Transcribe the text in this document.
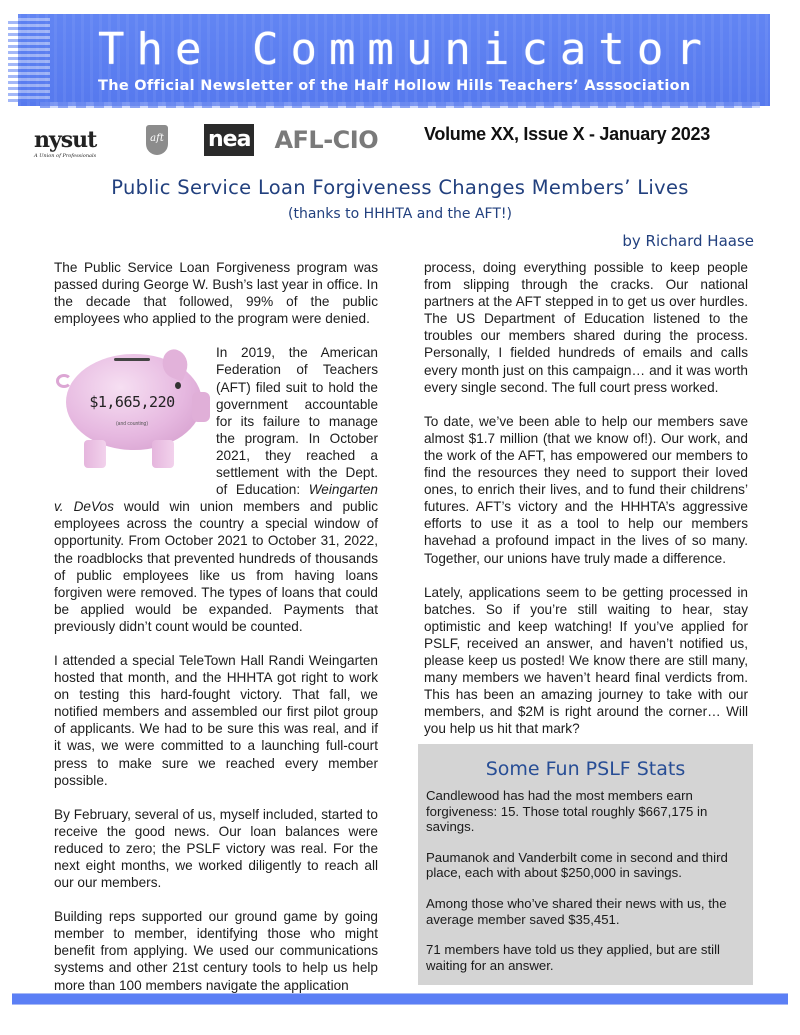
The Communicator
The Official Newsletter of the Half Hollow Hills Teachers’ Asssociation
nysut
A Union of Professionals
aft nea AFL-CIO	Volume XX, Issue X - January 2023
Public Service Loan Forgiveness Changes Members’ Lives
(thanks to HHHTA and the AFT!)
by Richard Haase

The Public Service Loan Forgiveness program was passed during George W. Bush’s last year in office. In the decade that followed, 99% of the public employees who applied to the program were denied.

$1,665,220
(and counting)
In 2019, the American Federation of Teachers (AFT) filed suit to hold the government accountable for its failure to manage the program. In October 2021, they reached a settlement with the Dept. of Education: Weingarten v. DeVos would win union members and public employees across the country a special window of opportunity. From October 2021 to October 31, 2022, the roadblocks that prevented hundreds of thousands of public employees like us from having loans forgiven were removed. The types of loans that could be applied would be expanded. Payments that previously didn’t count would be counted.

I attended a special TeleTown Hall Randi Weingarten hosted that month, and the HHHTA got right to work on testing this hard-fought victory. That fall, we notified members and assembled our first pilot group of applicants. We had to be sure this was real, and if it was, we were committed to a launching full-court press to make sure we reached every member possible.

By February, several of us, myself included, started to receive the good news. Our loan balances were reduced to zero; the PSLF victory was real. For the next eight months, we worked diligently to reach all our our members.

Building reps supported our ground game by going member to member, identifying those who might benefit from applying. We used our communications systems and other 21st century tools to help us help more than 100 members navigate the application

process, doing everything possible to keep people from slipping through the cracks. Our national partners at the AFT stepped in to get us over hurdles. The US Department of Education listened to the troubles our members shared during the process. Personally, I fielded hundreds of emails and calls every month just on this campaign… and it was worth every single second. The full court press worked.

To date, we’ve been able to help our members save almost $1.7 million (that we know of!). Our work, and the work of the AFT, has empowered our members to find the resources they need to support their loved ones, to enrich their lives, and to fund their childrens’ futures. AFT’s victory and the HHHTA’s aggressive efforts to use it as a tool to help our members havehad a profound impact in the lives of so many. Together, our unions have truly made a difference.

Lately, applications seem to be getting processed in batches. So if you’re still waiting to hear, stay optimistic and keep watching! If you’ve applied for PSLF, received an answer, and haven’t notified us, please keep us posted! We know there are still many, many members we haven’t heard final verdicts from. This has been an amazing journey to take with our members, and $2M is right around the corner… Will you help us hit that mark?

Some Fun PSLF Stats

Candlewood has had the most members earn forgiveness: 15. Those total roughly $667,175 in savings.

Paumanok and Vanderbilt come in second and third place, each with about $250,000 in savings.

Among those who’ve shared their news with us, the average member saved $35,451.

71 members have told us they applied, but are still waiting for an answer.
